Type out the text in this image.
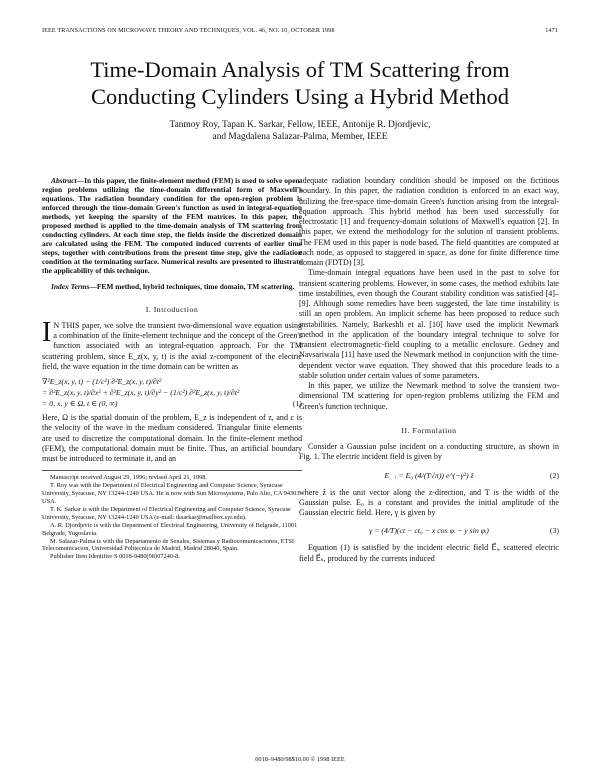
IEEE TRANSACTIONS ON MICROWAVE THEORY AND TECHNIQUES, VOL. 46, NO. 10, OCTOBER 1998	1471
Time-Domain Analysis of TM Scattering from
Conducting Cylinders Using a Hybrid Method
Tanmoy Roy, Tapan K. Sarkar, Fellow, IEEE, Antonije R. Djordjevic,
and Magdalena Salazar-Palma, Member, IEEE

Abstract—In this paper, the finite-element method (FEM) is used to solve open-region problems utilizing the time-domain differential form of Maxwell's equations. The radiation boundary condition for the open-region problem is enforced through the time-domain Green's function as used in integral-equation methods, yet keeping the sparsity of the FEM matrices. In this paper, the proposed method is applied to the time-domain analysis of TM scattering from conducting cylinders. At each time step, the fields inside the discretized domain are calculated using the FEM. The computed induced currents of earlier time steps, together with contributions from the present time step, give the radiation condition at the terminating surface. Numerical results are presented to illustrate the applicability of this technique.

Index Terms—FEM method, hybrid techniques, time domain, TM scattering.

I. Introduction

I N THIS paper, we solve the transient two-dimensional wave equation using a combination of the finite-element technique and the concept of the Green's function associated with an integral-equation approach. For the TM scattering problem, since E_z(x, y, t) is the axial z-component of the electric field, the wave equation in the time domain can be written as

∇²E_z(x, y, t) − (1/c²) ∂²E_z(x, y, t)/∂t²
= ∂²E_z(x, y, t)/∂x² + ∂²E_z(x, y, t)/∂y² − (1/c²) ∂²E_z(x, y, t)/∂t²
= 0, x, y ∈ Ω, t ∈ (0, ∞)	(1)

Here, Ω is the spatial domain of the problem, E_z is independent of z, and c is the velocity of the wave in the medium considered. Triangular finite elements are used to discretize the computational domain. In the finite-element method (FEM), the computational domain must be finite. Thus, an artificial boundary must be introduced to terminate it, and an

Manuscript received August 29, 1996; revised April 21, 1998.
T. Roy was with the Department of Electrical Engineering and Computer Science, Syracuse University, Syracuse, NY 13244-1240 USA. He is now with Sun Microsystems, Palo Alto, CA 94303 USA.
T. K. Sarkar is with the Department of Electrical Engineering and Computer Science, Syracuse University, Syracuse, NY 13244-1240 USA (e-mail: tksarkar@mailbox.syr.edu).
A. R. Djordjevic is with the Department of Electrical Engineering, University of Belgrade, 11001 Belgrade, Yugoslavia.
M. Salazar-Palma is with the Departamento de Senales, Sistemas y Radiocomunicaciones, ETSI Telecomunicacion, Universidad Politecnica de Madrid, Madrid 28040, Spain.
Publisher Item Identifier S 0018-9480(98)07240-8.

adequate radiation boundary condition should be imposed on the fictitious boundary. In this paper, the radiation condition is enforced in an exact way, utilizing the free-space time-domain Green's function arising from the integral-equation approach. This hybrid method has been used successfully for electrostatic [1] and frequency-domain solutions of Maxwell's equation [2]. In this paper, we extend the methodology for the solution of transient problems. The FEM used in this paper is node based. The field quantities are computed at each node, as opposed to staggered in space, as done for finite difference time domain (FDTD) [3].

Time-domain integral equations have been used in the past to solve for transient scattering problems. However, in some cases, the method exhibits late time instabilities, even though the Courant stability condition was satisfied [4]–[9]. Although some remedies have been suggested, the late time instability is still an open problem. An implicit scheme has been proposed to reduce such instabilities. Namely, Barkeshli et al. [10] have used the implicit Newmark method in the application of the boundary integral technique to solve for transient electromagnetic-field coupling to a metallic enclosure. Gedney and Navsariwala [11] have used the Newmark method in conjunction with the time-dependent vector wave equation. They showed that this procedure leads to a stable solution under certain values of some parameters.

In this paper, we utilize the Newmark method to solve the transient two-dimensional TM scattering for open-region problems utilizing the FEM and Green's function technique.

II. Formulation

Consider a Gaussian pulse incident on a conducting structure, as shown in Fig. 1. The electric incident field is given by

E⃗ᵢ = E₀ (4/(T√π)) e^(−γ²) ẑ	(2)

where ẑ is the unit vector along the z-direction, and T is the width of the Gaussian pulse. E₀ is a constant and provides the initial amplitude of the Gaussian electric field. Here, γ is given by

γ = (4/T)(ct − ct₀ − x cos φᵢ − y sin φᵢ)	(3)

Equation (1) is satisfied by the incident electric field E⃗ᵢ, scattered electric field E⃗ₛ, produced by the currents induced

0018–9480/98$10.00 © 1998 IEEE
